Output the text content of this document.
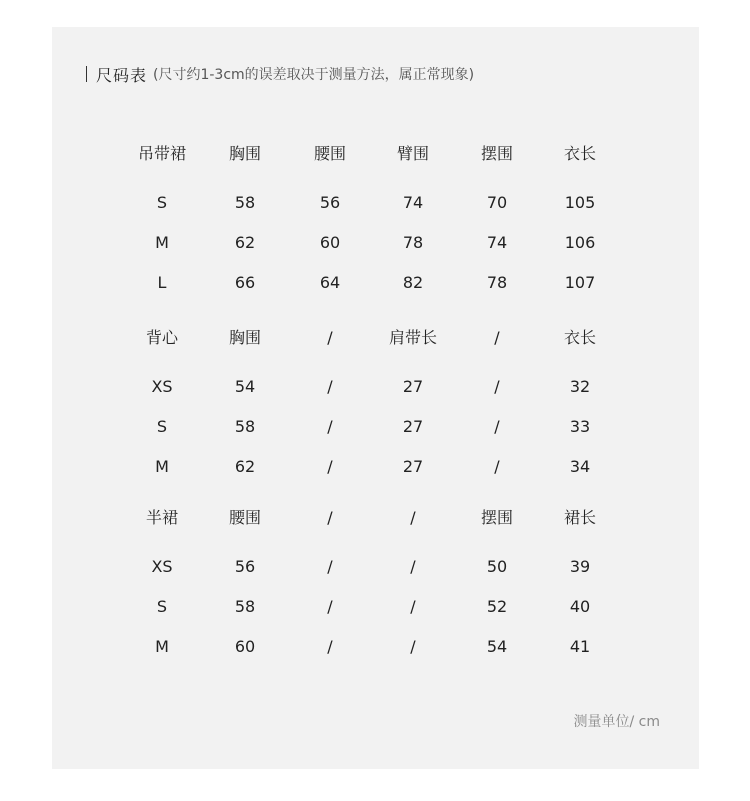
尺码表 (尺寸约1-3cm的误差取决于测量方法，属正常现象)
吊带裙	胸围	腰围	臂围	摆围	衣长
S	58	56	74	70	105
M	62	60	78	74	106
L	66	64	82	78	107
背心	胸围	/	肩带长	/	衣长
XS	54	/	27	/	32
S	58	/	27	/	33
M	62	/	27	/	34
半裙	腰围	/	/	摆围	裙长
XS	56	/	/	50	39
S	58	/	/	52	40
M	60	/	/	54	41
测量单位/ cm
